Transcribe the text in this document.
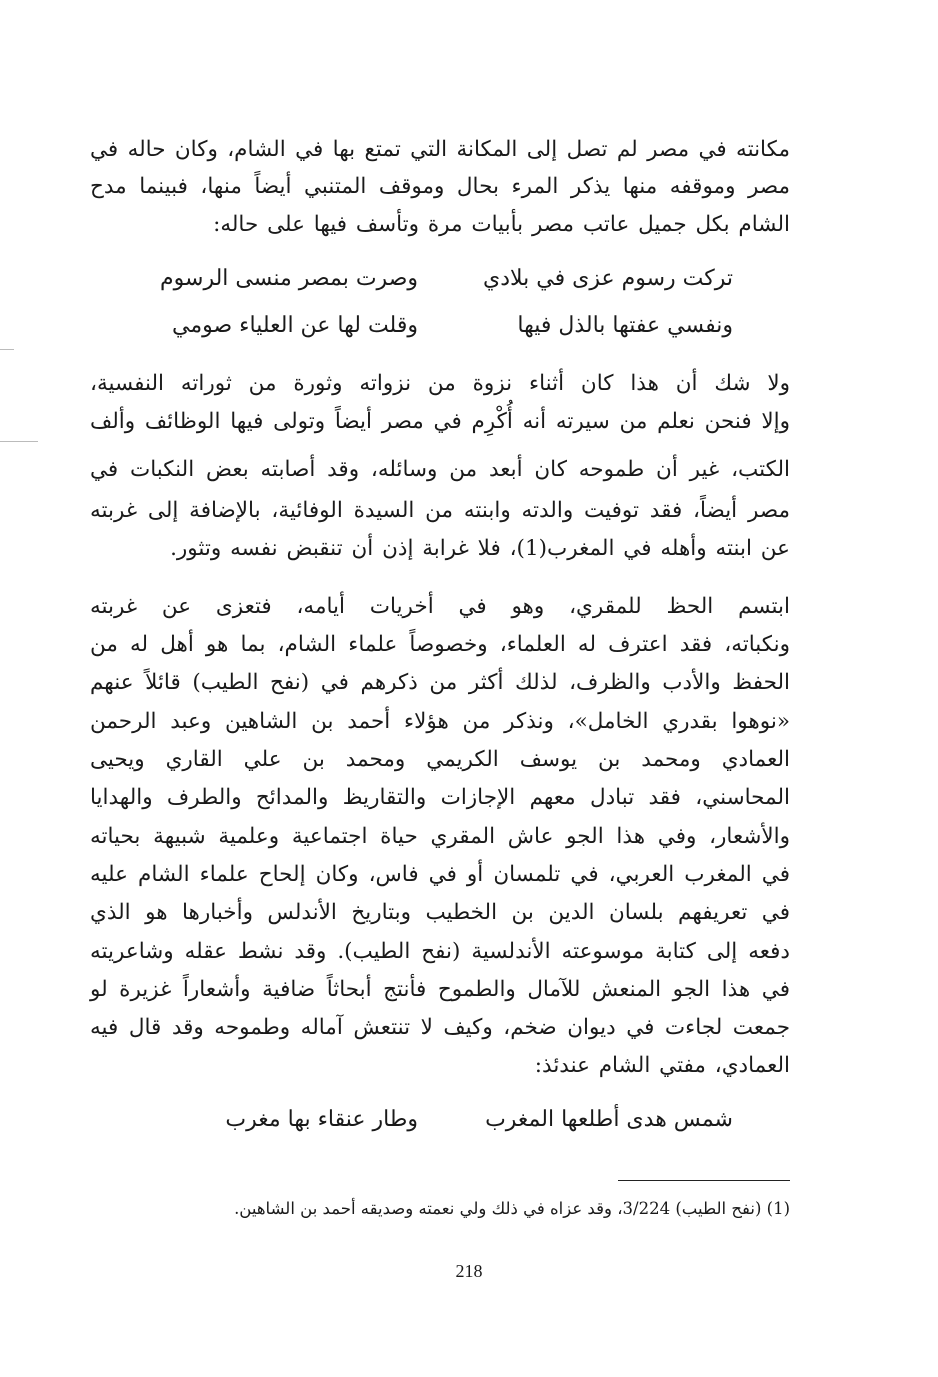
مكانته في مصر لم تصل إلى المكانة التي تمتع بها في الشام، وكان حاله في
مصر وموقفه منها يذكر المرء بحال وموقف المتنبي أيضاً منها، فبينما مدح
الشام بكل جميل عاتب مصر بأبيات مرة وتأسف فيها على حاله:
تركت رسوم عزى في بلادي
وصرت بمصر منسى الرسوم
ونفسي عفتها بالذل فيها
وقلت لها عن العلياء صومي
ولا شك أن هذا كان أثناء نزوة من نزواته وثورة من ثوراته النفسية،
وإلا فنحن نعلم من سيرته أنه أُكْرِم في مصر أيضاً وتولى فيها الوظائف وألف
الكتب، غير أن طموحه كان أبعد من وسائله، وقد أصابته بعض النكبات في
مصر أيضاً، فقد توفيت والدته وابنته من السيدة الوفائية، بالإضافة إلى غربته
عن ابنته وأهله في المغرب(1)، فلا غرابة إذن أن تنقبض نفسه وتثور.
ابتسم الحظ للمقري، وهو في أخريات أيامه، فتعزى عن غربته
ونكباته، فقد اعترف له العلماء، وخصوصاً علماء الشام، بما هو أهل له من
الحفظ والأدب والظرف، لذلك أكثر من ذكرهم في (نفح الطيب) قائلاً عنهم
«نوهوا بقدري الخامل»، ونذكر من هؤلاء أحمد بن الشاهين وعبد الرحمن
العمادي ومحمد بن يوسف الكريمي ومحمد بن علي القاري ويحيى
المحاسني، فقد تبادل معهم الإجازات والتقاريظ والمدائح والطرف والهدايا
والأشعار، وفي هذا الجو عاش المقري حياة اجتماعية وعلمية شبيهة بحياته
في المغرب العربي، في تلمسان أو في فاس، وكان إلحاح علماء الشام عليه
في تعريفهم بلسان الدين بن الخطيب وبتاريخ الأندلس وأخبارها هو الذي
دفعه إلى كتابة موسوعته الأندلسية (نفح الطيب). وقد نشط عقله وشاعريته
في هذا الجو المنعش للآمال والطموح فأنتج أبحاثاً ضافية وأشعاراً غزيرة لو
جمعت لجاءت في ديوان ضخم، وكيف لا تنتعش آماله وطموحه وقد قال فيه
العمادي، مفتي الشام عندئذ:
شمس هدى أطلعها المغرب
وطار عنقاء بها مغرب
(1) (نفح الطيب) 3/224، وقد عزاه في ذلك ولي نعمته وصديقه أحمد بن الشاهين.
218
